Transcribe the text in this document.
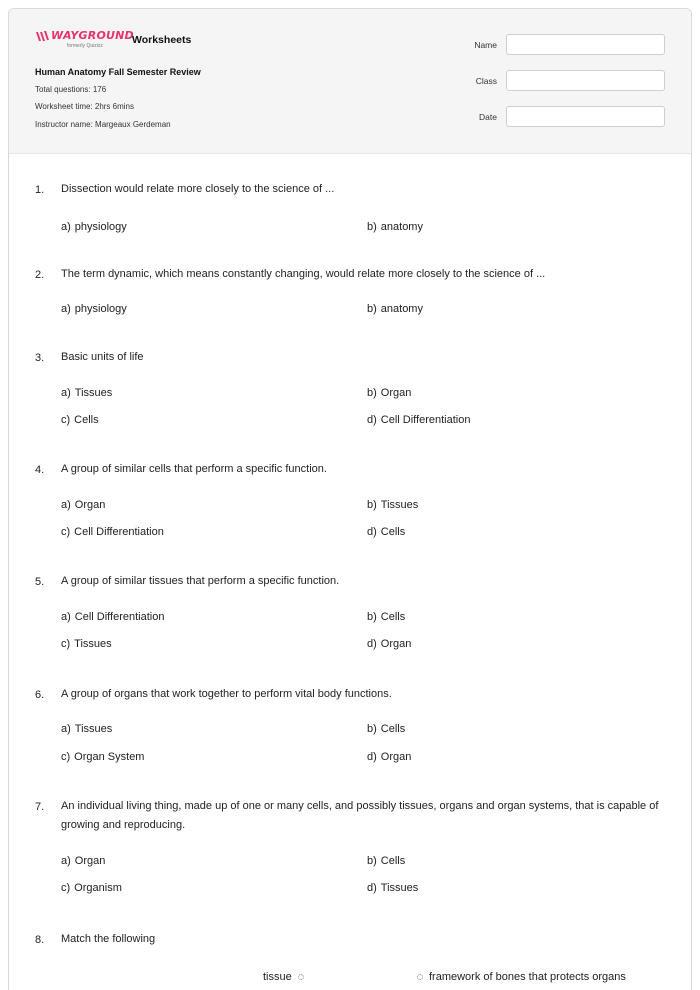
WAYGROUND
formerly Quizizz	Worksheets
Human Anatomy Fall Semester Review
Total questions: 176
Worksheet time: 2hrs 6mins
Instructor name: Margeaux Gerdeman
Name
Class
Date
1. Dissection would relate more closely to the science of ...
a) physiology	b) anatomy
2. The term dynamic, which means constantly changing, would relate more closely to the science of ...
a) physiology	b) anatomy
3. Basic units of life
a) Tissues	b) Organ
c) Cells	d) Cell Differentiation
4. A group of similar cells that perform a specific function.
a) Organ	b) Tissues
c) Cell Differentiation	d) Cells
5. A group of similar tissues that perform a specific function.
a) Cell Differentiation	b) Cells
c) Tissues	d) Organ
6. A group of organs that work together to perform vital body functions.
a) Tissues	b) Cells
c) Organ System	d) Organ
7. An individual living thing, made up of one or many cells, and possibly tissues, organs and organ systems, that is capable of growing and reproducing.
a) Organ	b) Cells
c) Organism	d) Tissues
8. Match the following
tissue	framework of bones that protects organs
